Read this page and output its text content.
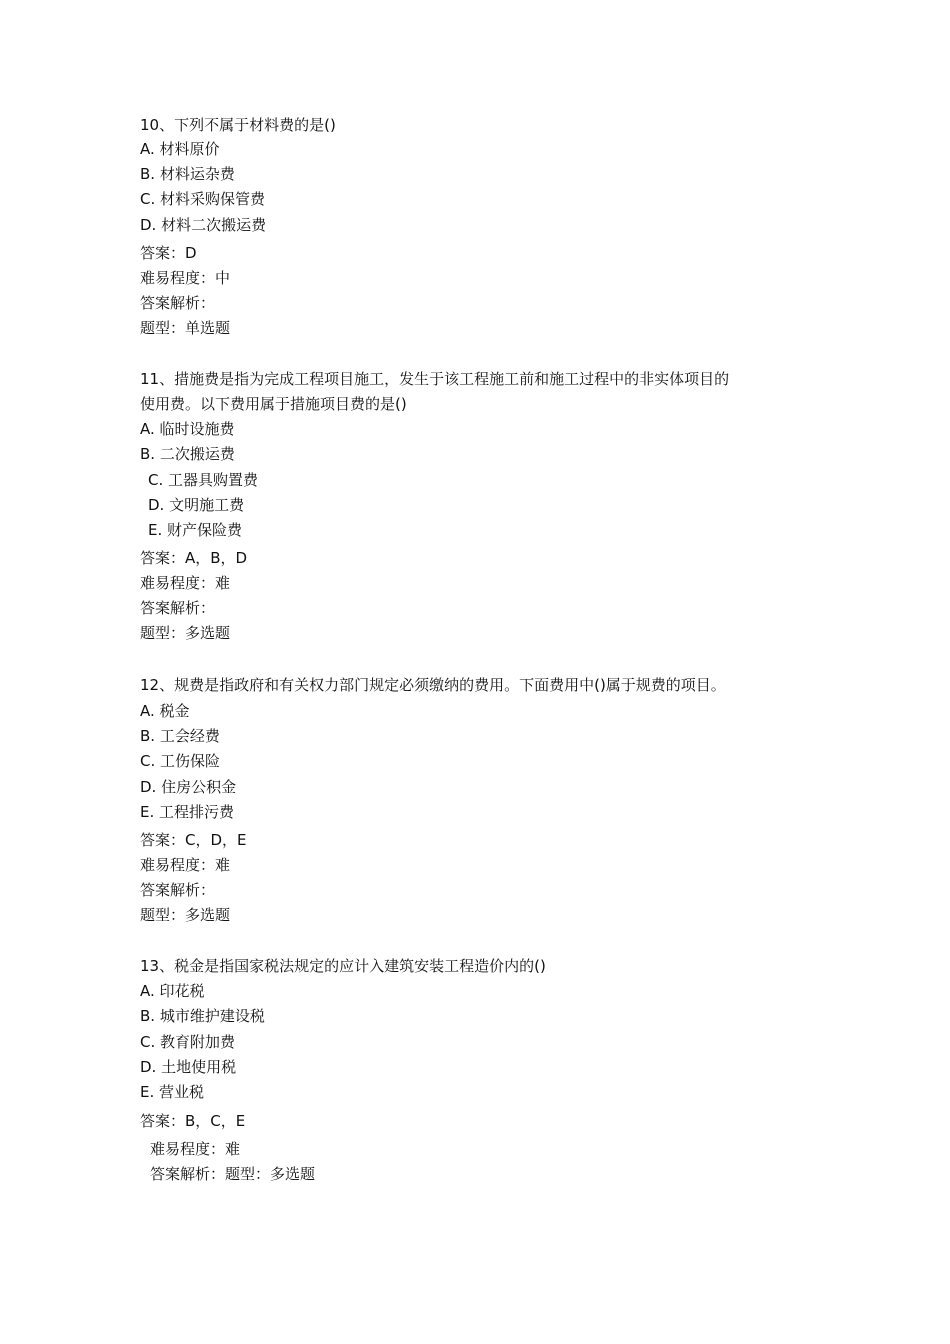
10、下列不属于材料费的是()
A. 材料原价
B. 材料运杂费
C. 材料采购保管费
D. 材料二次搬运费
答案：D
难易程度：中
答案解析：
题型：单选题
11、措施费是指为完成工程项目施工，发生于该工程施工前和施工过程中的非实体项目的
使用费。以下费用属于措施项目费的是()
A. 临时设施费
B. 二次搬运费
C. 工器具购置费
D. 文明施工费
E. 财产保险费
答案：A，B，D
难易程度：难
答案解析：
题型：多选题
12、规费是指政府和有关权力部门规定必须缴纳的费用。下面费用中()属于规费的项目。
A. 税金
B. 工会经费
C. 工伤保险
D. 住房公积金
E. 工程排污费
答案：C，D，E
难易程度：难
答案解析：
题型：多选题
13、税金是指国家税法规定的应计入建筑安装工程造价内的()
A. 印花税
B. 城市维护建设税
C. 教育附加费
D. 土地使用税
E. 营业税
答案：B，C，E
难易程度：难
答案解析：题型：多选题
